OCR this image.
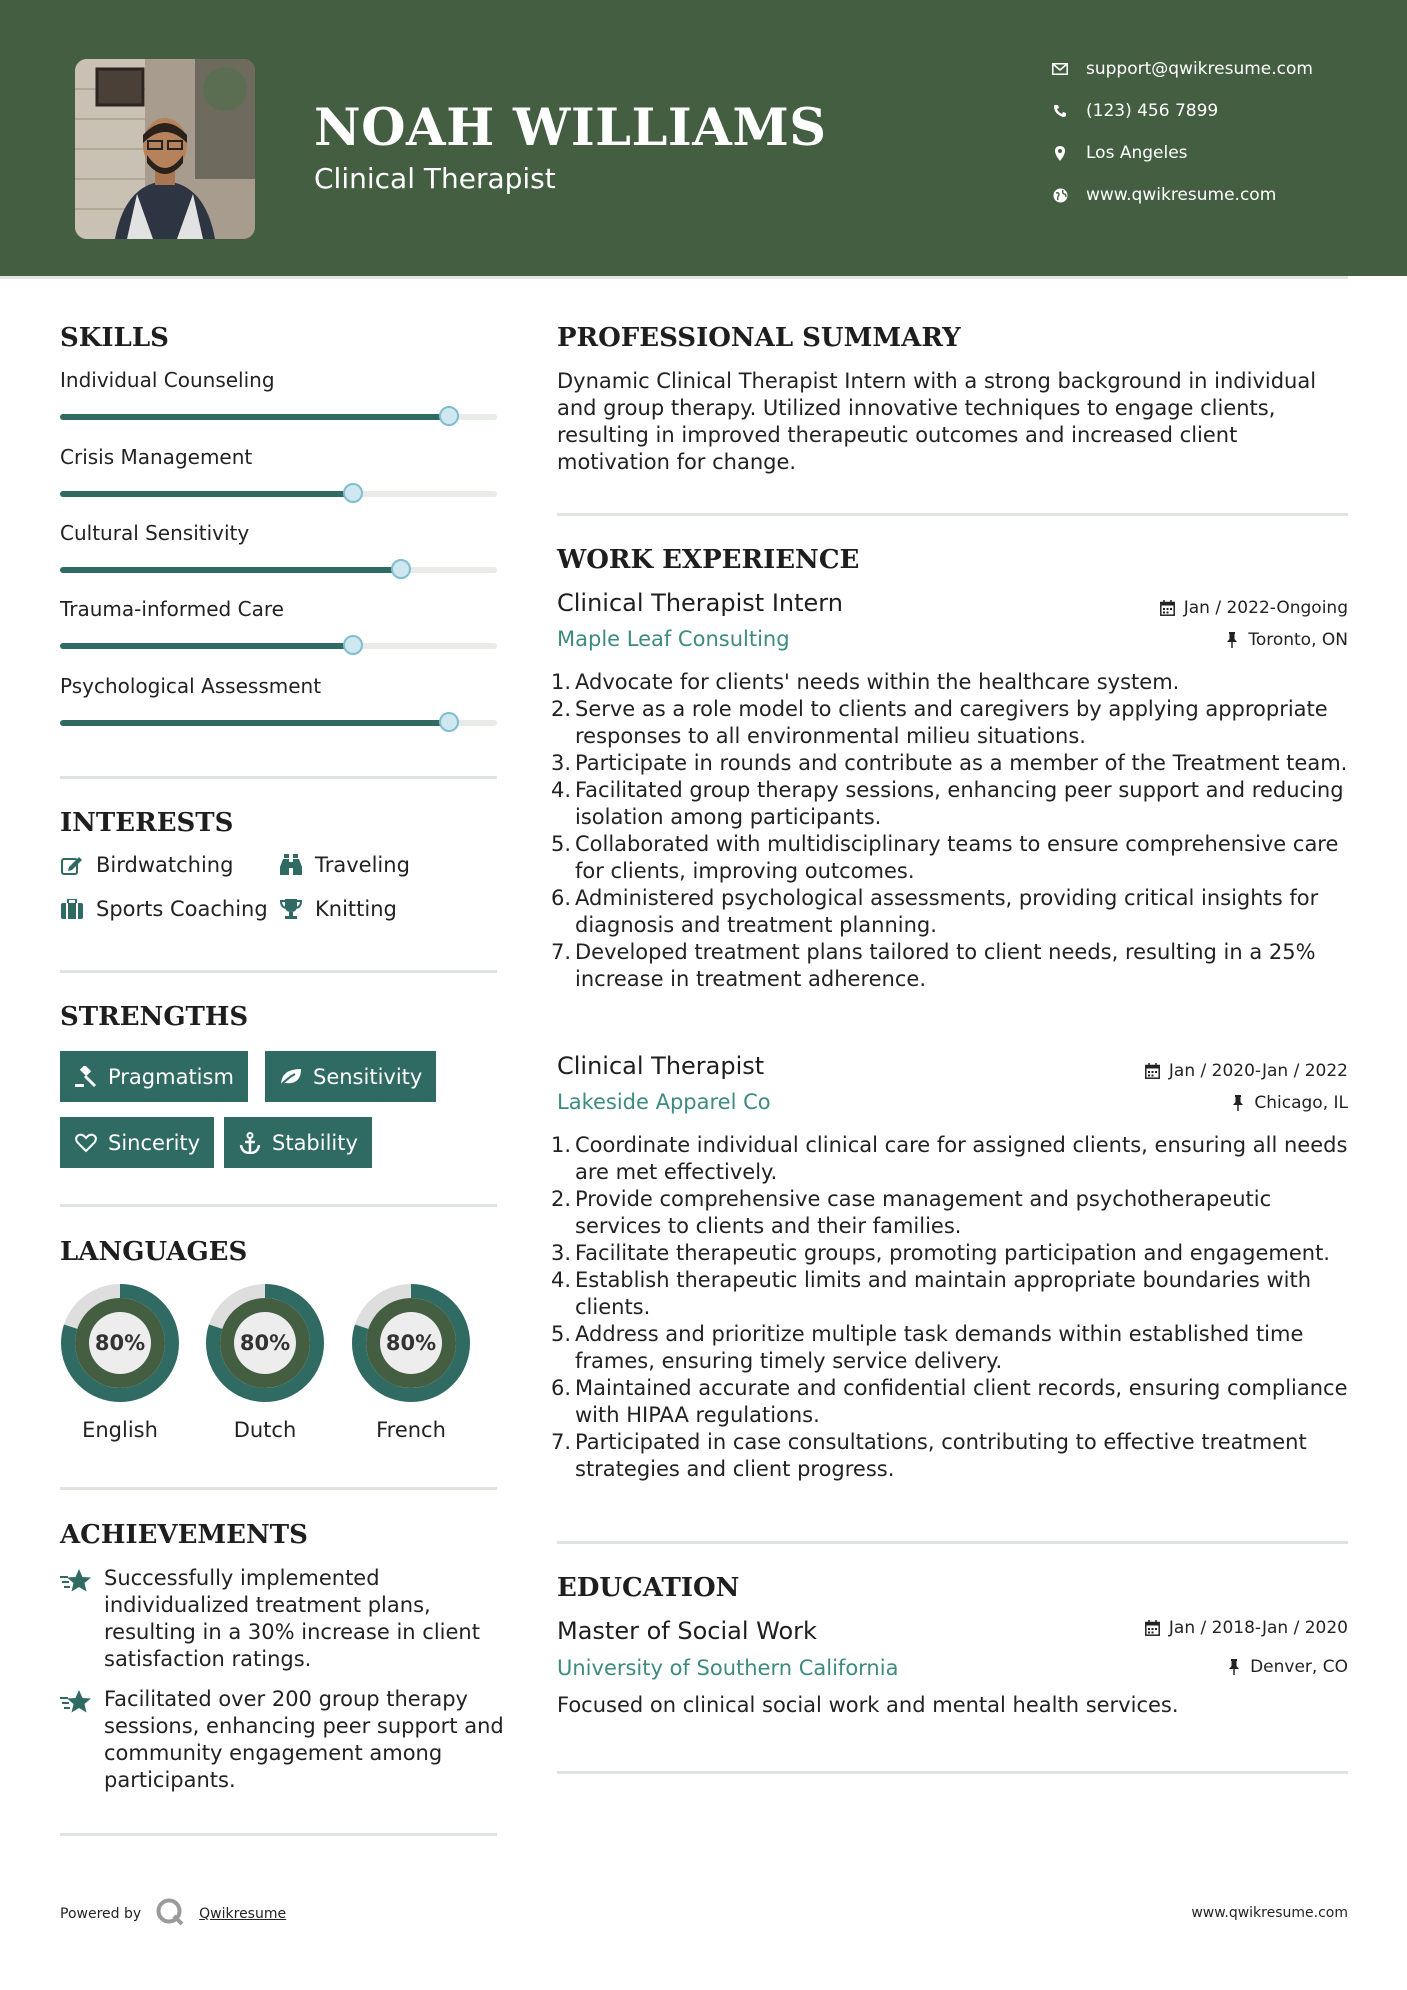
NOAH WILLIAMS
Clinical Therapist
support@qwikresume.com
(123) 456 7899
Los Angeles
www.qwikresume.com
SKILLS
Individual Counseling
Crisis Management
Cultural Sensitivity
Trauma-informed Care
Psychological Assessment
INTERESTS
Birdwatching	Traveling
Sports Coaching Knitting
STRENGTHS
Pragmatism	Sensitivity
Sincerity	Stability
LANGUAGES
80%
English
80%
Dutch
80%
French
ACHIEVEMENTS
Successfully implemented individualized treatment plans, resulting in a 30% increase in client satisfaction ratings.
Facilitated over 200 group therapy sessions, enhancing peer support and community engagement among participants.
PROFESSIONAL SUMMARY
Dynamic Clinical Therapist Intern with a strong background in individual and group therapy. Utilized innovative techniques to engage clients, resulting in improved therapeutic outcomes and increased client motivation for change.
WORK EXPERIENCE
Clinical Therapist Intern	Jan / 2022-Ongoing
Maple Leaf Consulting	Toronto, ON
1. Advocate for clients' needs within the healthcare system.
2. Serve as a role model to clients and caregivers by applying appropriate responses to all environmental milieu situations.
3. Participate in rounds and contribute as a member of the Treatment team.
4. Facilitated group therapy sessions, enhancing peer support and reducing isolation among participants.
5. Collaborated with multidisciplinary teams to ensure comprehensive care for clients, improving outcomes.
6. Administered psychological assessments, providing critical insights for diagnosis and treatment planning.
7. Developed treatment plans tailored to client needs, resulting in a 25% increase in treatment adherence.
Clinical Therapist	Jan / 2020-Jan / 2022
Lakeside Apparel Co	Chicago, IL
1. Coordinate individual clinical care for assigned clients, ensuring all needs are met effectively.
2. Provide comprehensive case management and psychotherapeutic services to clients and their families.
3. Facilitate therapeutic groups, promoting participation and engagement.
4. Establish therapeutic limits and maintain appropriate boundaries with clients.
5. Address and prioritize multiple task demands within established time frames, ensuring timely service delivery.
6. Maintained accurate and confidential client records, ensuring compliance with HIPAA regulations.
7. Participated in case consultations, contributing to effective treatment strategies and client progress.
EDUCATION
Master of Social Work	Jan / 2018-Jan / 2020
University of Southern California	Denver, CO
Focused on clinical social work and mental health services.
Powered by	Qwikresume	www.qwikresume.com
